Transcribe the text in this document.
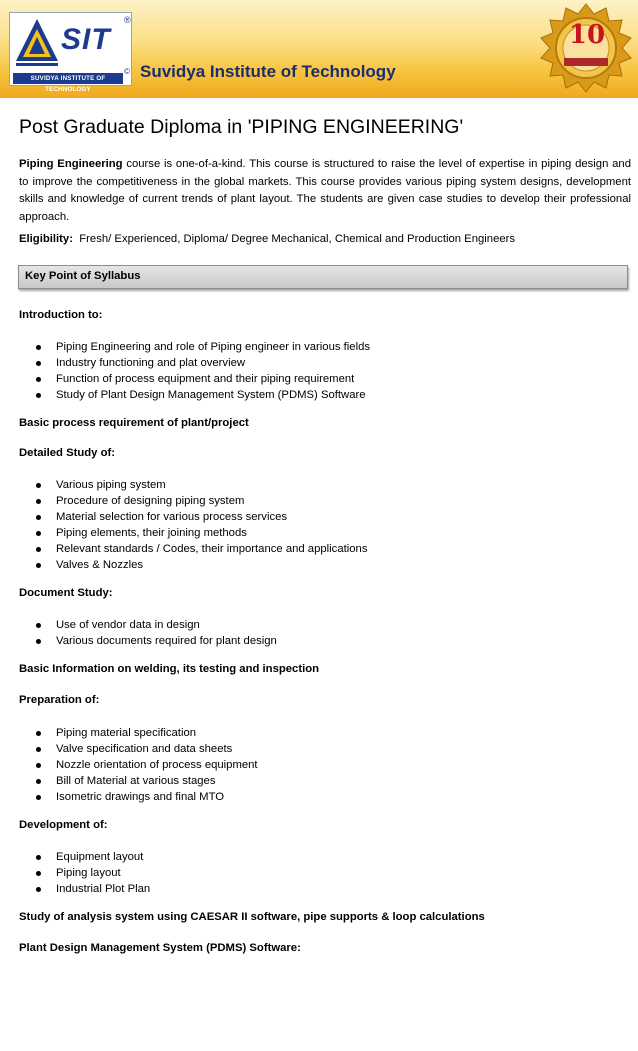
SIT
®
©
SUVIDYA INSTITUTE OF TECHNOLOGY
Suvidya Institute of Technology
10
Post Graduate Diploma in 'PIPING ENGINEERING'
Piping Engineering course is one-of-a-kind. This course is structured to raise the level of expertise in piping design and to improve the competitiveness in the global markets. This course provides various piping system designs, development skills and knowledge of current trends of plant layout. The students are given case studies to develop their professional approach.
Eligibility: Fresh/ Experienced, Diploma/ Degree Mechanical, Chemical and Production Engineers
Key Point of Syllabus
Introduction to:
Piping Engineering and role of Piping engineer in various fields
Industry functioning and plat overview
Function of process equipment and their piping requirement
Study of Plant Design Management System (PDMS) Software
Basic process requirement of plant/project
Detailed Study of:
Various piping system
Procedure of designing piping system
Material selection for various process services
Piping elements, their joining methods
Relevant standards / Codes, their importance and applications
Valves & Nozzles
Document Study:
Use of vendor data in design
Various documents required for plant design
Basic Information on welding, its testing and inspection
Preparation of:
Piping material specification
Valve specification and data sheets
Nozzle orientation of process equipment
Bill of Material at various stages
Isometric drawings and final MTO
Development of:
Equipment layout
Piping layout
Industrial Plot Plan
Study of analysis system using CAESAR II software, pipe supports & loop calculations
Plant Design Management System (PDMS) Software:
